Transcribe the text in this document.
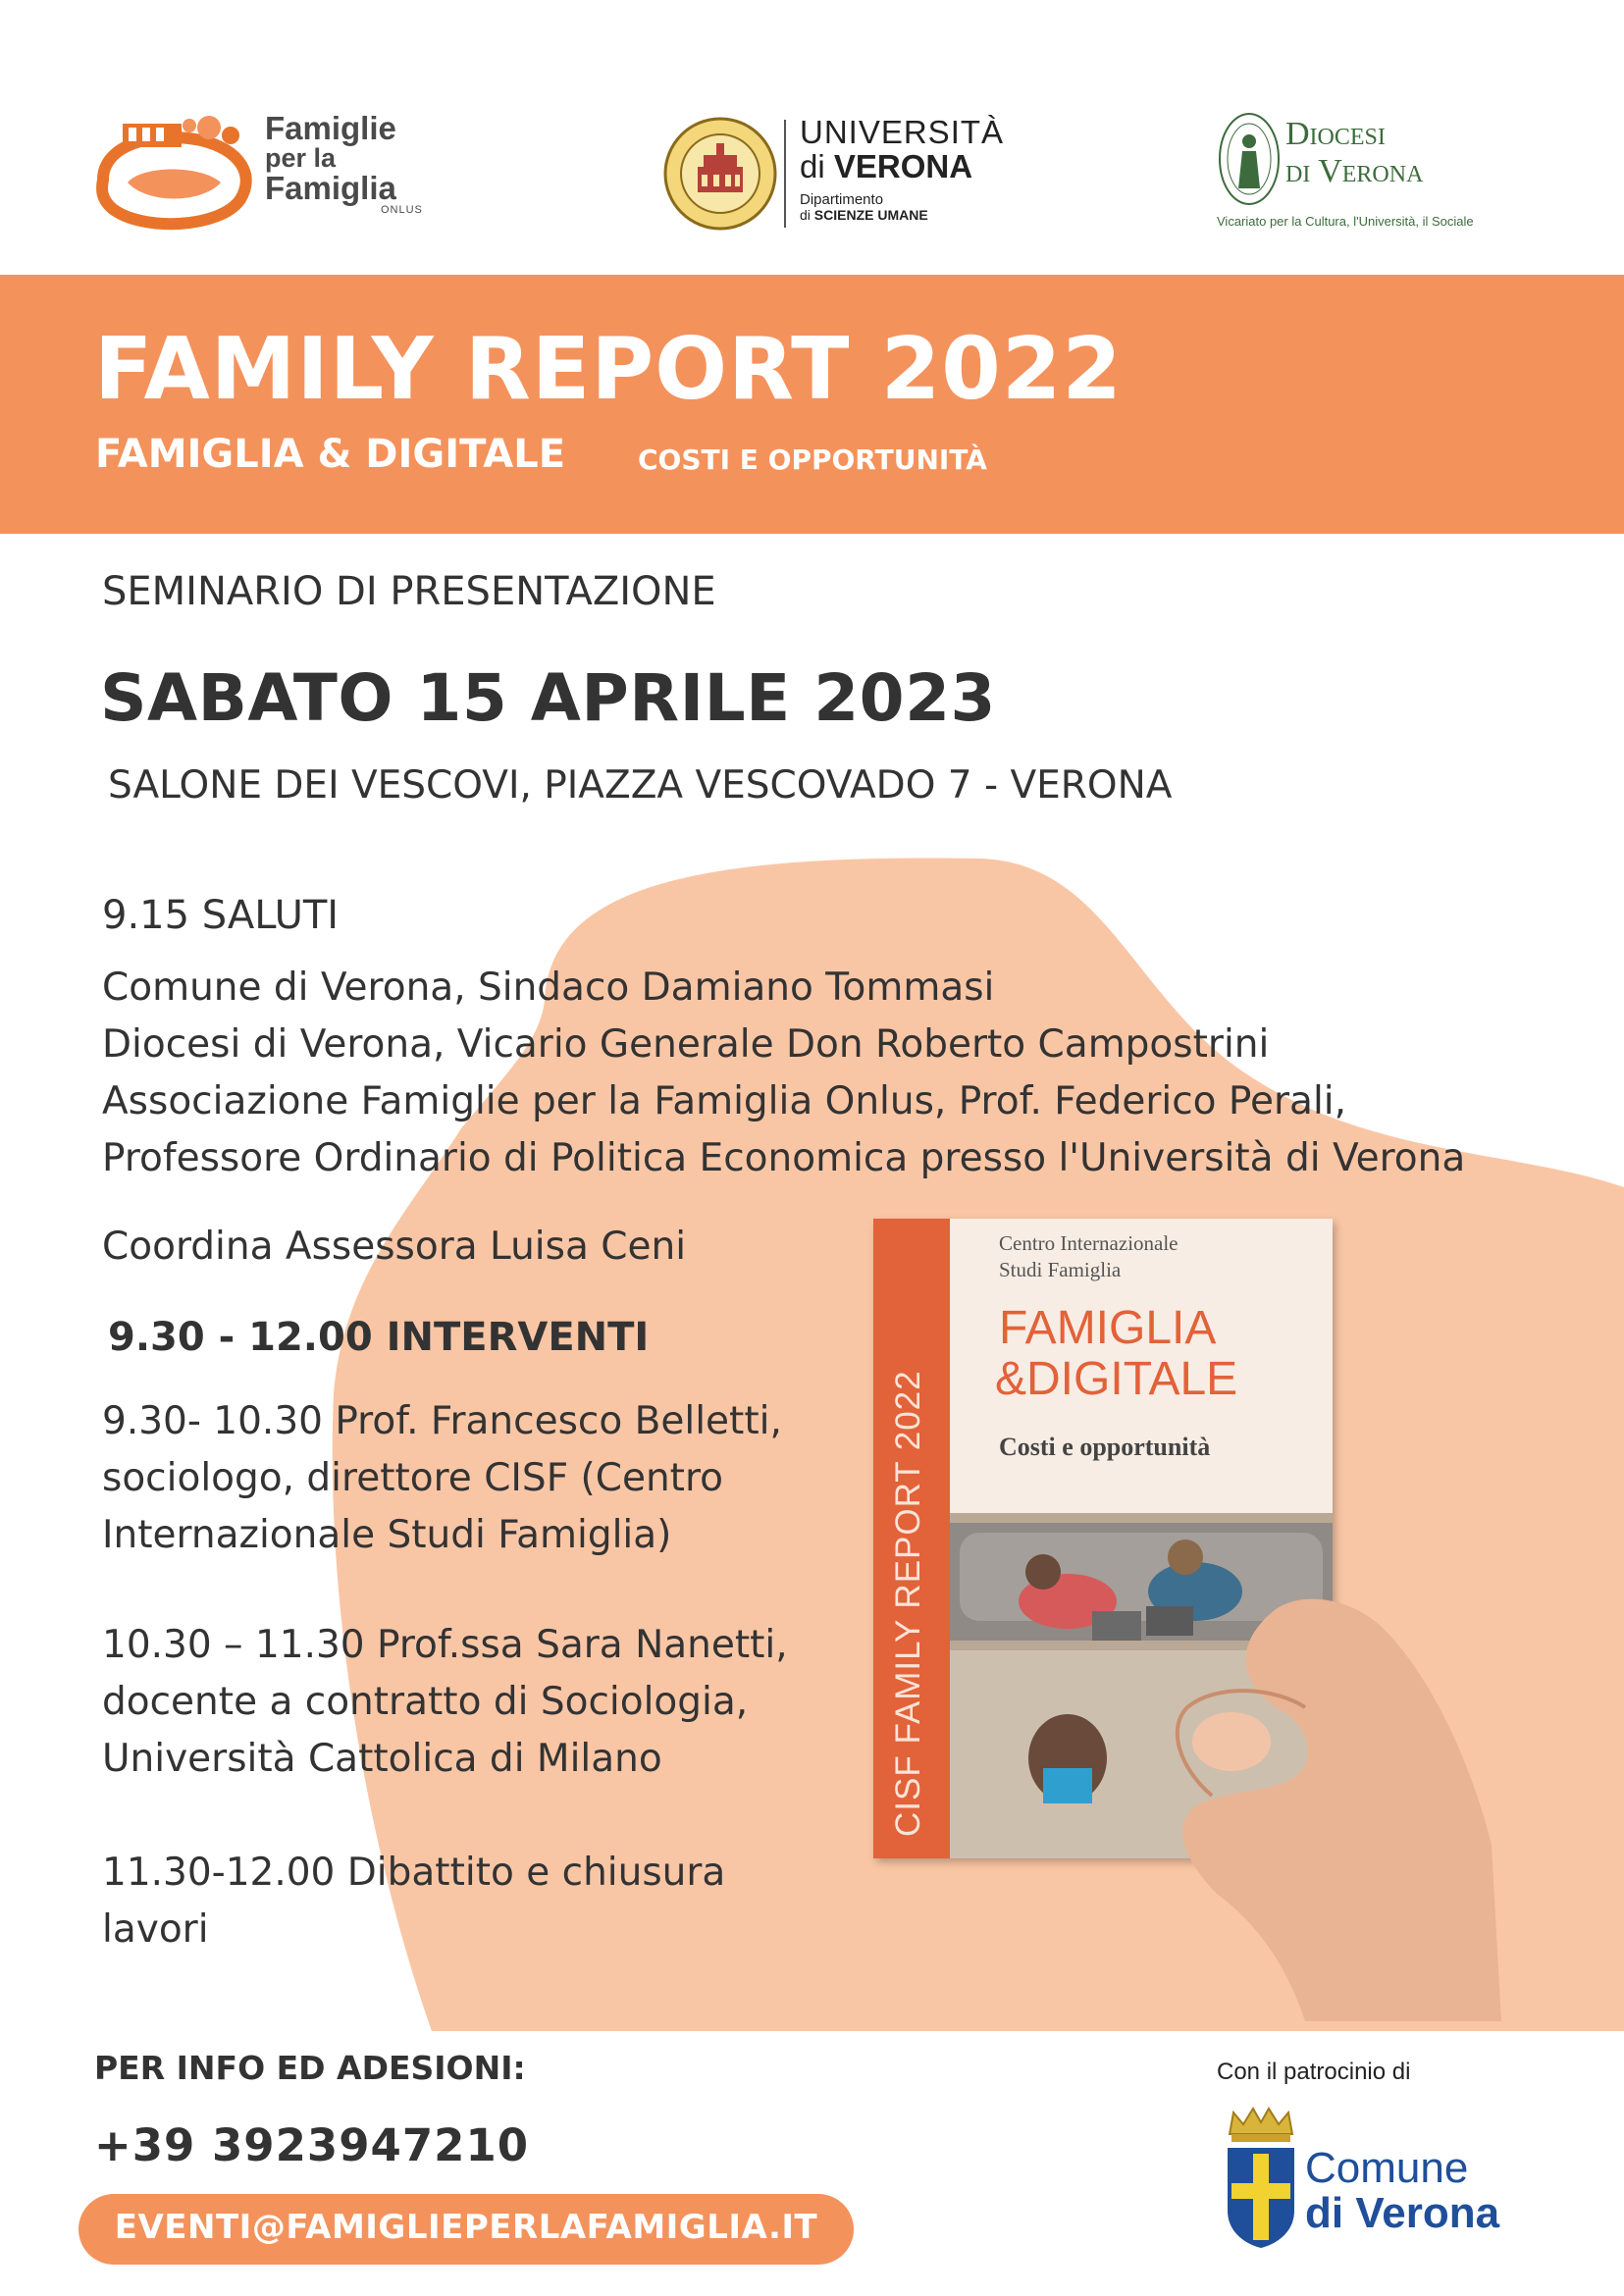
Famiglie
per la
Famiglia
ONLUS
UNIVERSITÀ
di VERONA
Dipartimento
di SCIENZE UMANE
Diocesi
di Verona
Vicariato per la Cultura, l'Università, il Sociale
FAMILY REPORT 2022
FAMIGLIA & DIGITALE	COSTI E OPPORTUNITÀ
SEMINARIO DI PRESENTAZIONE
SABATO 15 APRILE 2023
SALONE DEI VESCOVI, PIAZZA VESCOVADO 7 - VERONA
9.15 SALUTI
Comune di Verona, Sindaco Damiano Tommasi
Diocesi di Verona, Vicario Generale Don Roberto Campostrini
Associazione Famiglie per la Famiglia Onlus, Prof. Federico Perali,
Professore Ordinario di Politica Economica presso l'Università di Verona
Coordina Assessora Luisa Ceni
9.30 - 12.00 INTERVENTI
9.30- 10.30 Prof. Francesco Belletti,
sociologo, direttore CISF (Centro
Internazionale Studi Famiglia)
10.30 – 11.30 Prof.ssa Sara Nanetti,
docente a contratto di Sociologia,
Università Cattolica di Milano
11.30-12.00 Dibattito e chiusura
lavori
CISF FAMILY REPORT 2022
Centro Internazionale
Studi Famiglia
FAMIGLIA
&DIGITALE
Costi e opportunità
PER INFO ED ADESIONI:
+39 3923947210
EVENTI@FAMIGLIEPERLAFAMIGLIA.IT
Con il patrocinio di
Comune
di Verona
